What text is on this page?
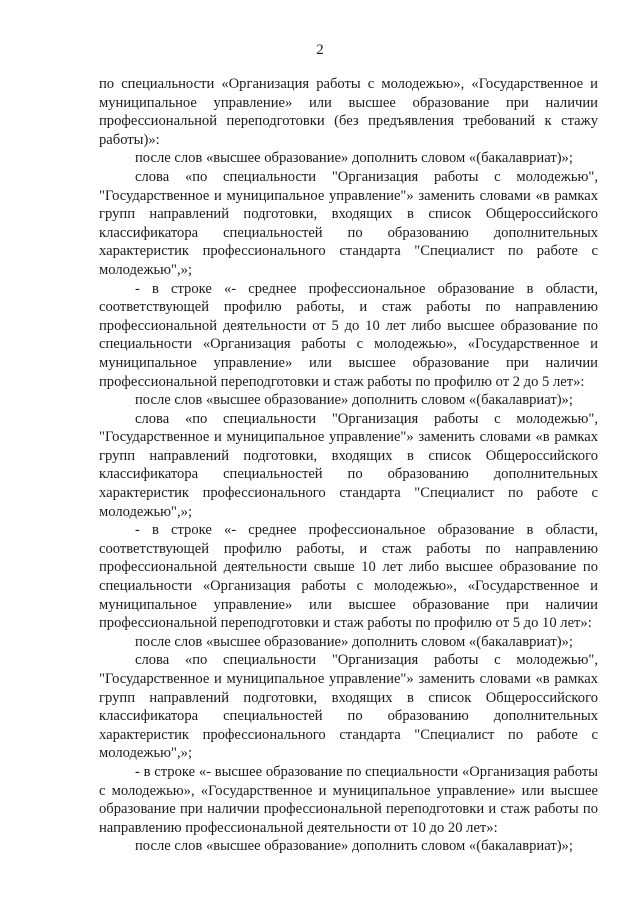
2

по специальности «Организация работы с молодежью», «Государственное и муниципальное управление» или высшее образование при наличии профессиональной переподготовки (без предъявления требований к стажу работы)»:

после слов «высшее образование» дополнить словом «(бакалавриат)»;

слова «по специальности "Организация работы с молодежью", "Государственное и муниципальное управление"» заменить словами «в рамках групп направлений подготовки, входящих в список Общероссийского классификатора специальностей по образованию дополнительных характеристик профессионального стандарта "Специалист по работе с молодежью",»;

- в строке «- среднее профессиональное образование в области, соответствующей профилю работы, и стаж работы по направлению профессиональной деятельности от 5 до 10 лет либо высшее образование по специальности «Организация работы с молодежью», «Государственное и муниципальное управление» или высшее образование при наличии профессиональной переподготовки и стаж работы по профилю от 2 до 5 лет»:

после слов «высшее образование» дополнить словом «(бакалавриат)»;

слова «по специальности "Организация работы с молодежью", "Государственное и муниципальное управление"» заменить словами «в рамках групп направлений подготовки, входящих в список Общероссийского классификатора специальностей по образованию дополнительных характеристик профессионального стандарта "Специалист по работе с молодежью",»;

- в строке «- среднее профессиональное образование в области, соответствующей профилю работы, и стаж работы по направлению профессиональной деятельности свыше 10 лет либо высшее образование по специальности «Организация работы с молодежью», «Государственное и муниципальное управление» или высшее образование при наличии профессиональной переподготовки и стаж работы по профилю от 5 до 10 лет»:

после слов «высшее образование» дополнить словом «(бакалавриат)»;

слова «по специальности "Организация работы с молодежью", "Государственное и муниципальное управление"» заменить словами «в рамках групп направлений подготовки, входящих в список Общероссийского классификатора специальностей по образованию дополнительных характеристик профессионального стандарта "Специалист по работе с молодежью",»;

- в строке «- высшее образование по специальности «Организация работы с молодежью», «Государственное и муниципальное управление» или высшее образование при наличии профессиональной переподготовки и стаж работы по направлению профессиональной деятельности от 10 до 20 лет»:

после слов «высшее образование» дополнить словом «(бакалавриат)»;
